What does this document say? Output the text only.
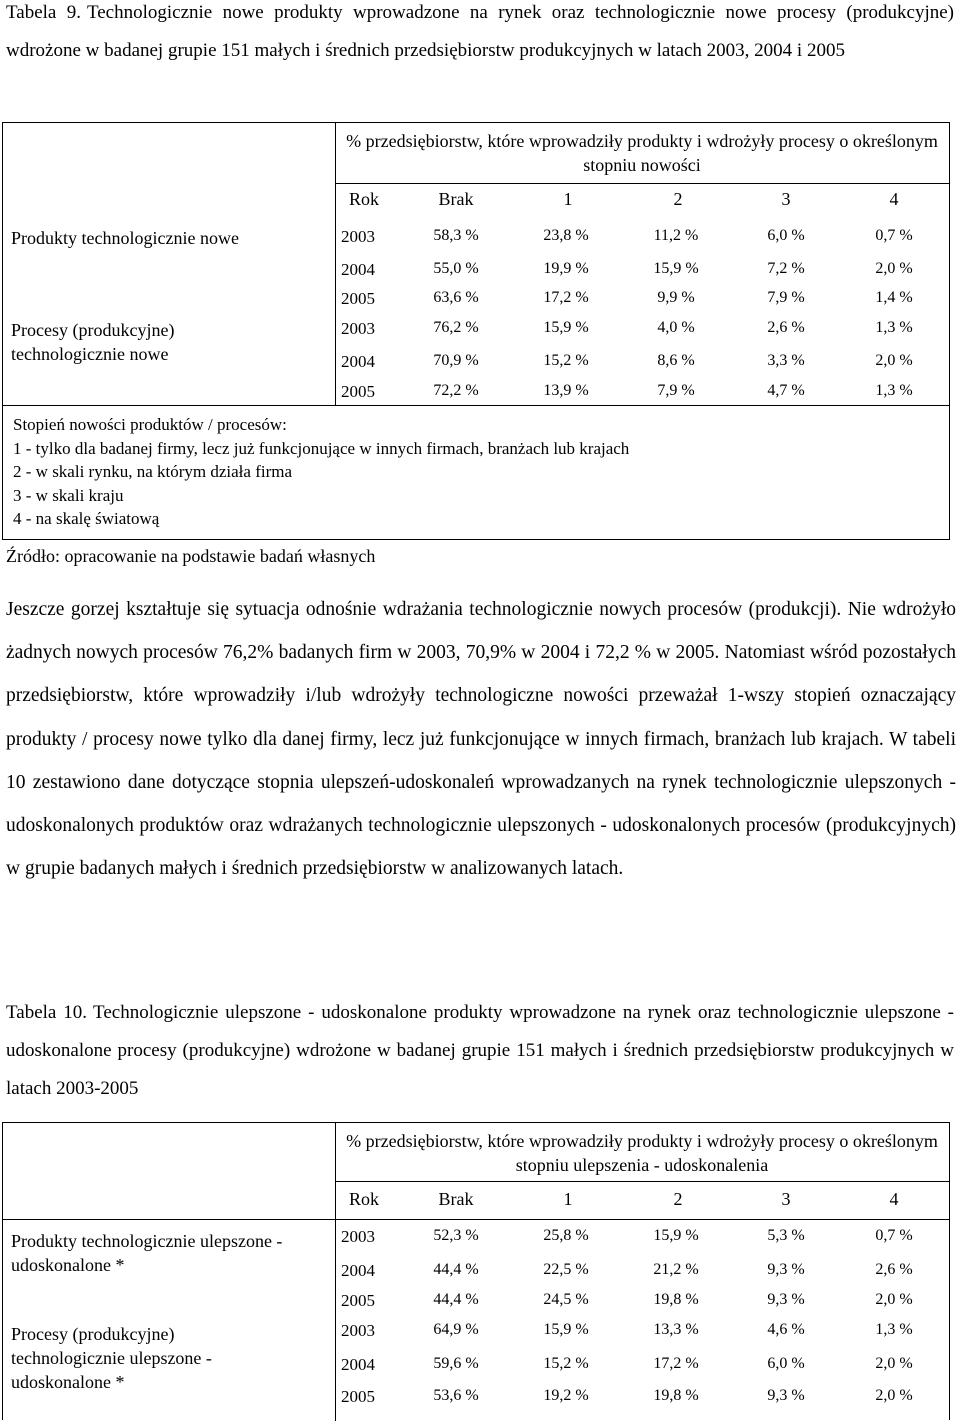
Tabela 9. Technologicznie nowe produkty wprowadzone na rynek oraz technologicznie nowe procesy (produkcyjne) wdrożone w badanej grupie 151 małych i średnich przedsiębiorstw produkcyjnych w latach 2003, 2004 i 2005
% przedsiębiorstw, które wprowadziły produkty i wdrożyły procesy o określonym stopniu nowości
Rok	Brak	1	2	3	4
Produkty technologicznie nowe
Procesy (produkcyjne) technologicznie nowe
2003	58,3 %	23,8 %	11,2 %	6,0 %	0,7 %
2004	55,0 %	19,9 %	15,9 %	7,2 %	2,0 %
2005	63,6 %	17,2 %	9,9 %	7,9 %	1,4 %
2003	76,2 %	15,9 %	4,0 %	2,6 %	1,3 %
2004	70,9 %	15,2 %	8,6 %	3,3 %	2,0 %
2005	72,2 %	13,9 %	7,9 %	4,7 %	1,3 %
Stopień nowości produktów / procesów:
1 - tylko dla badanej firmy, lecz już funkcjonujące w innych firmach, branżach lub krajach
2 - w skali rynku, na którym działa firma
3 - w skali kraju
4 - na skalę światową
Źródło: opracowanie na podstawie badań własnych
Jeszcze gorzej kształtuje się sytuacja odnośnie wdrażania technologicznie nowych procesów (produkcji). Nie wdrożyło żadnych nowych procesów 76,2% badanych firm w 2003, 70,9% w 2004 i 72,2 % w 2005. Natomiast wśród pozostałych przedsiębiorstw, które wprowadziły i/lub wdrożyły technologiczne nowości przeważał 1-wszy stopień oznaczający produkty / procesy nowe tylko dla danej firmy, lecz już funkcjonujące w innych firmach, branżach lub krajach. W tabeli 10 zestawiono dane dotyczące stopnia ulepszeń-udoskonaleń wprowadzanych na rynek technologicznie ulepszonych - udoskonalonych produktów oraz wdrażanych technologicznie ulepszonych - udoskonalonych procesów (produkcyjnych) w grupie badanych małych i średnich przedsiębiorstw w analizowanych latach.
Tabela 10. Technologicznie ulepszone - udoskonalone produkty wprowadzone na rynek oraz technologicznie ulepszone - udoskonalone procesy (produkcyjne) wdrożone w badanej grupie 151 małych i średnich przedsiębiorstw produkcyjnych w latach 2003-2005
% przedsiębiorstw, które wprowadziły produkty i wdrożyły procesy o określonym stopniu ulepszenia - udoskonalenia
Rok	Brak	1	2	3	4
Produkty technologicznie ulepszone - udoskonalone *
Procesy (produkcyjne) technologicznie ulepszone - udoskonalone *
2003	52,3 %	25,8 %	15,9 %	5,3 %	0,7 %
2004	44,4 %	22,5 %	21,2 %	9,3 %	2,6 %
2005	44,4 %	24,5 %	19,8 %	9,3 %	2,0 %
2003	64,9 %	15,9 %	13,3 %	4,6 %	1,3 %
2004	59,6 %	15,2 %	17,2 %	6,0 %	2,0 %
2005	53,6 %	19,2 %	19,8 %	9,3 %	2,0 %
